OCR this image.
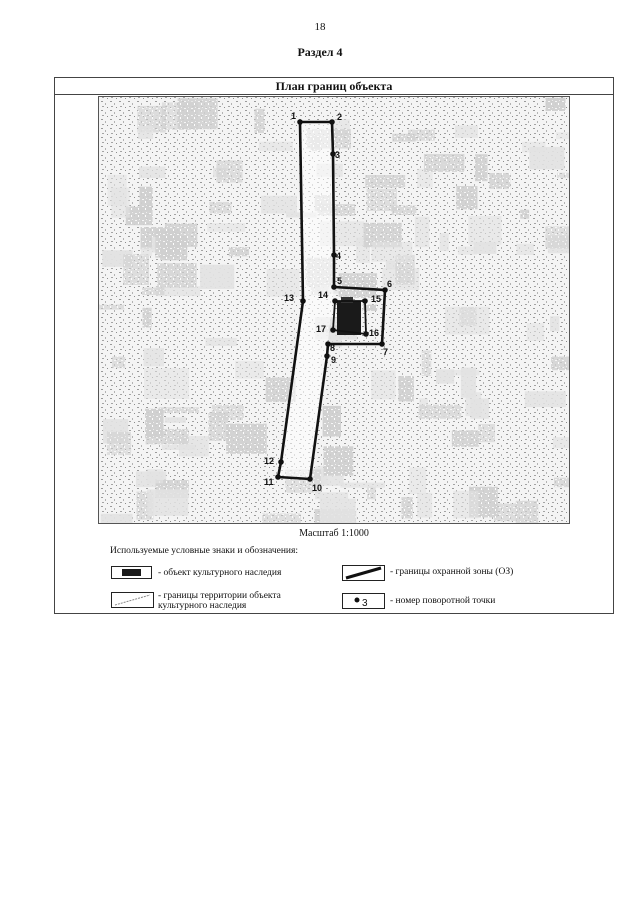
18
Раздел 4
План границ объекта
1	2
3
4
5	6
7
8
9
10
11
12
13	14	15
16
17
Масштаб 1:1000
Используемые условные знаки и обозначения:
- объект культурного наследия	- границы охранной зоны (ОЗ)
- границы территории объекта культурного наследия	3 - номер поворотной точки
